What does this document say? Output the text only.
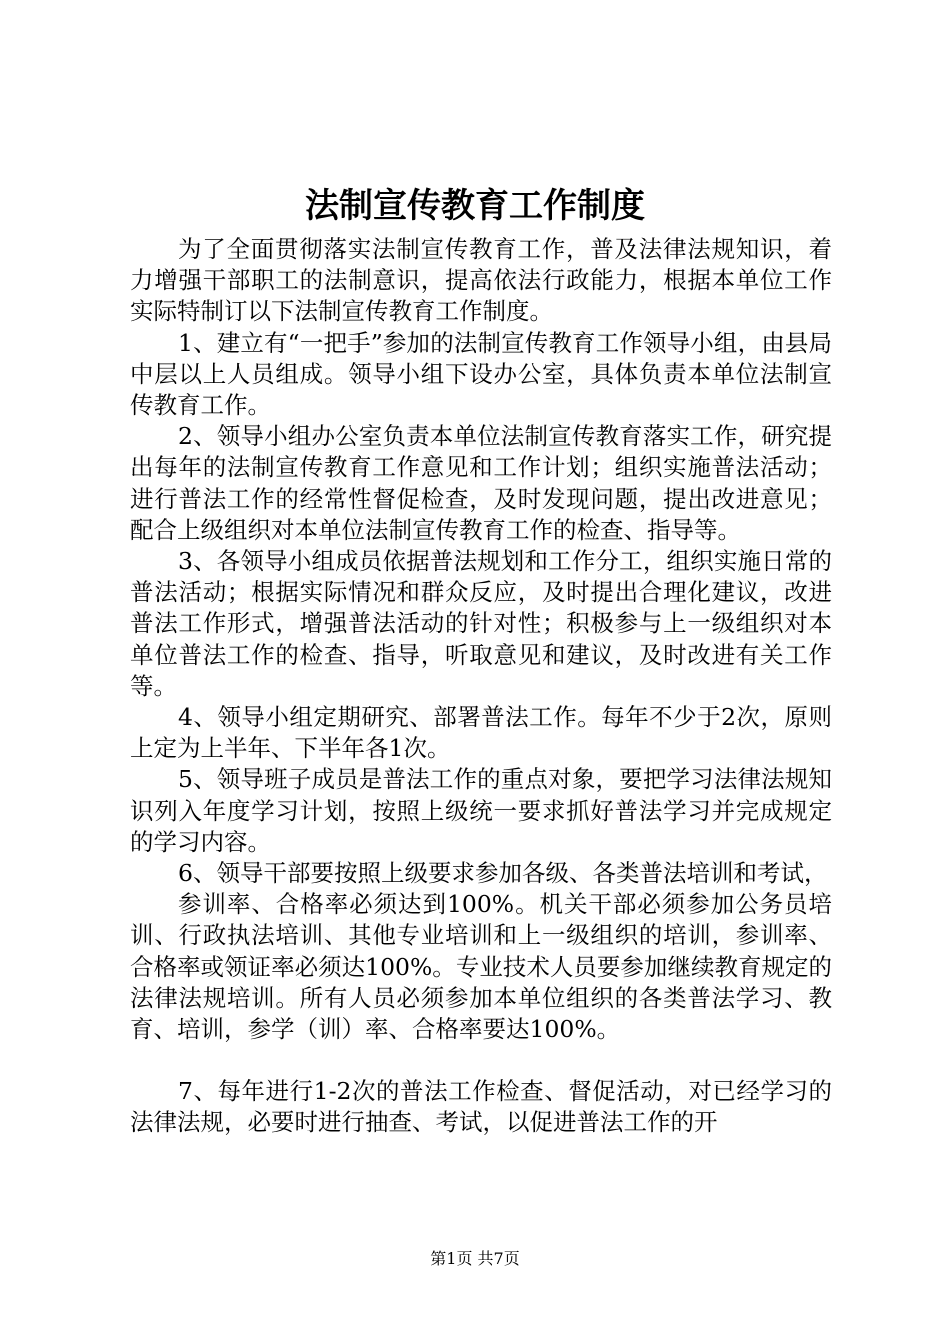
法制宣传教育工作制度

为了全面贯彻落实法制宣传教育工作，普及法律法规知识，着力增强干部职工的法制意识，提高依法行政能力，根据本单位工作实际特制订以下法制宣传教育工作制度。

1、建立有“一把手”参加的法制宣传教育工作领导小组，由县局中层以上人员组成。领导小组下设办公室，具体负责本单位法制宣传教育工作。

2、领导小组办公室负责本单位法制宣传教育落实工作，研究提出每年的法制宣传教育工作意见和工作计划；组织实施普法活动；进行普法工作的经常性督促检查，及时发现问题，提出改进意见；配合上级组织对本单位法制宣传教育工作的检查、指导等。

3、各领导小组成员依据普法规划和工作分工，组织实施日常的普法活动；根据实际情况和群众反应，及时提出合理化建议，改进普法工作形式，增强普法活动的针对性；积极参与上一级组织对本单位普法工作的检查、指导，听取意见和建议，及时改进有关工作等。

4、领导小组定期研究、部署普法工作。每年不少于2次，原则上定为上半年、下半年各1次。

5、领导班子成员是普法工作的重点对象，要把学习法律法规知识列入年度学习计划，按照上级统一要求抓好普法学习并完成规定的学习内容。

6、领导干部要按照上级要求参加各级、各类普法培训和考试，

参训率、合格率必须达到100%。机关干部必须参加公务员培训、行政执法培训、其他专业培训和上一级组织的培训，参训率、合格率或领证率必须达100%。专业技术人员要参加继续教育规定的法律法规培训。所有人员必须参加本单位组织的各类普法学习、教育、培训，参学（训）率、合格率要达100%。

7、每年进行1-2次的普法工作检查、督促活动，对已经学习的法律法规，必要时进行抽查、考试，以促进普法工作的开

第1页 共7页
